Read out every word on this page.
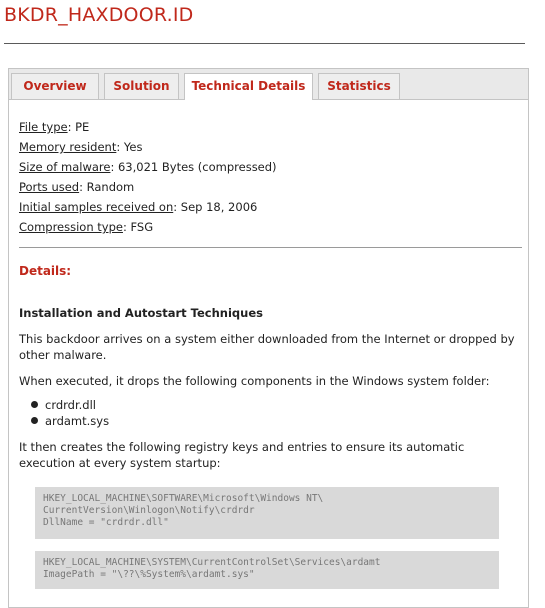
BKDR_HAXDOOR.ID
Overview	Solution	Technical Details	Statistics
File type: PE
Memory resident: Yes
Size of malware: 63,021 Bytes (compressed)
Ports used: Random
Initial samples received on: Sep 18, 2006
Compression type: FSG
Details:
Installation and Autostart Techniques
This backdoor arrives on a system either downloaded from the Internet or dropped by other malware.
When executed, it drops the following components in the Windows system folder:
crdrdr.dll
ardamt.sys
It then creates the following registry keys and entries to ensure its automatic execution at every system startup:
HKEY_LOCAL_MACHINE\SOFTWARE\Microsoft\Windows NT\
CurrentVersion\Winlogon\Notify\crdrdr
DllName = "crdrdr.dll"
HKEY_LOCAL_MACHINE\SYSTEM\CurrentControlSet\Services\ardamt
ImagePath = "\??\%System%\ardamt.sys"
